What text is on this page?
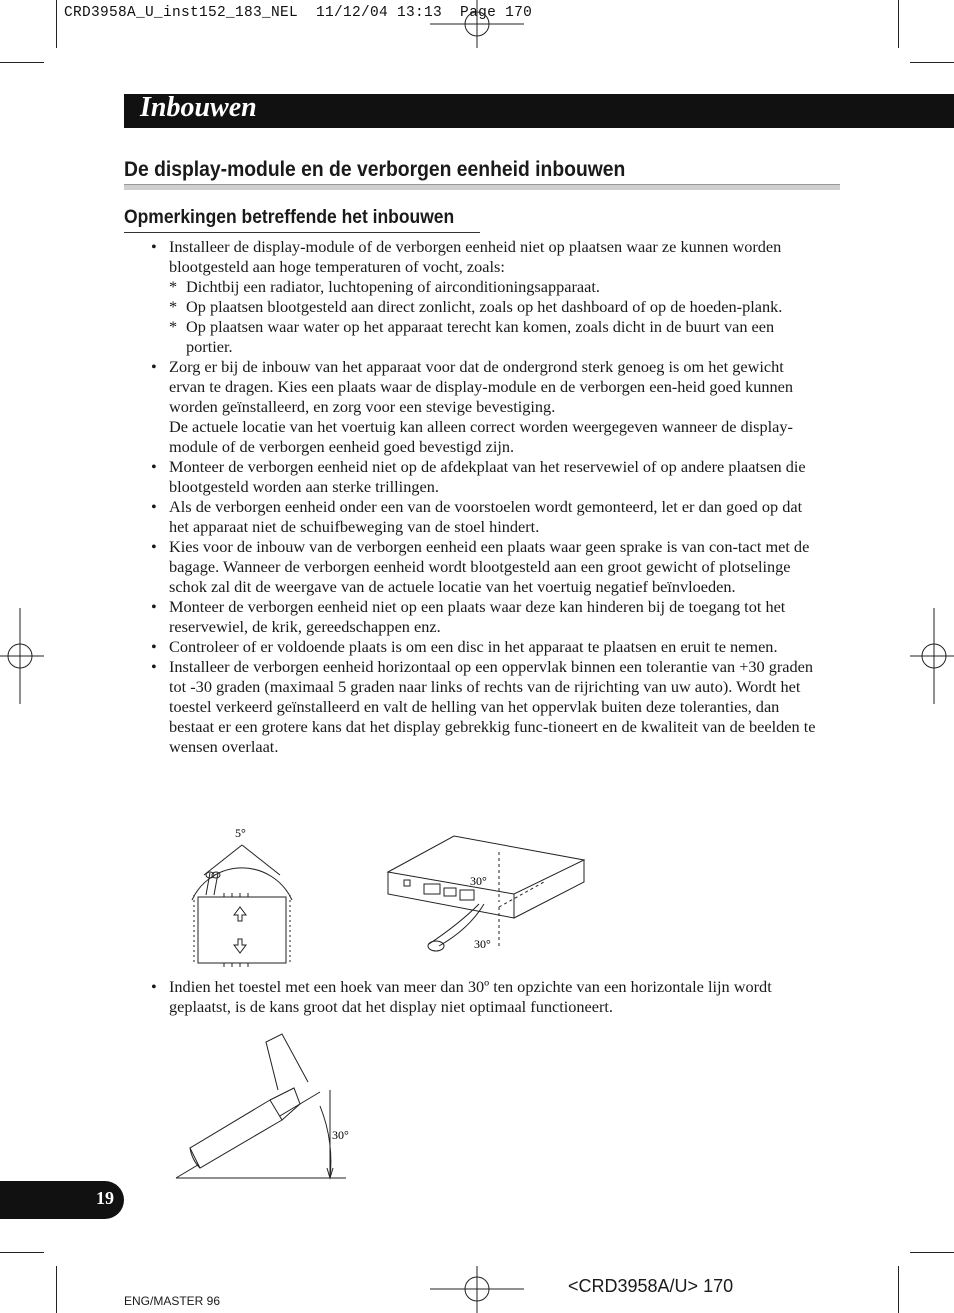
CRD3958A_U_inst152_183_NEL  11/12/04 13:13  Page 170
Inbouwen
De display-module en de verborgen eenheid inbouwen
Opmerkingen betreffende het inbouwen
• Installeer de display-module of de verborgen eenheid niet op plaatsen waar ze kunnen worden blootgesteld aan hoge temperaturen of vocht, zoals:
* Dichtbij een radiator, luchtopening of airconditioningsapparaat.
* Op plaatsen blootgesteld aan direct zonlicht, zoals op het dashboard of op de hoeden-plank.
* Op plaatsen waar water op het apparaat terecht kan komen, zoals dicht in de buurt van een portier.
• Zorg er bij de inbouw van het apparaat voor dat de ondergrond sterk genoeg is om het gewicht ervan te dragen. Kies een plaats waar de display-module en de verborgen een-heid goed kunnen worden geïnstalleerd, en zorg voor een stevige bevestiging.
De actuele locatie van het voertuig kan alleen correct worden weergegeven wanneer de display-module of de verborgen eenheid goed bevestigd zijn.
• Monteer de verborgen eenheid niet op de afdekplaat van het reservewiel of op andere plaatsen die blootgesteld worden aan sterke trillingen.
• Als de verborgen eenheid onder een van de voorstoelen wordt gemonteerd, let er dan goed op dat het apparaat niet de schuifbeweging van de stoel hindert.
• Kies voor de inbouw van de verborgen eenheid een plaats waar geen sprake is van con-tact met de bagage. Wanneer de verborgen eenheid wordt blootgesteld aan een groot gewicht of plotselinge schok zal dit de weergave van de actuele locatie van het voertuig negatief beïnvloeden.
• Monteer de verborgen eenheid niet op een plaats waar deze kan hinderen bij de toegang tot het reservewiel, de krik, gereedschappen enz.
• Controleer of er voldoende plaats is om een disc in het apparaat te plaatsen en eruit te nemen.
• Installeer de verborgen eenheid horizontaal op een oppervlak binnen een tolerantie van +30 graden tot -30 graden (maximaal 5 graden naar links of rechts van de rijrichting van uw auto). Wordt het toestel verkeerd geïnstalleerd en valt de helling van het oppervlak buiten deze toleranties, dan bestaat er een grotere kans dat het display gebrekkig func-tioneert en de kwaliteit van de beelden te wensen overlaat.
5°
30°
30°
• Indien het toestel met een hoek van meer dan 30º ten opzichte van een horizontale lijn wordt geplaatst, is de kans groot dat het display niet optimaal functioneert.
30°
19
ENG/MASTER 96
<CRD3958A/U> 170
